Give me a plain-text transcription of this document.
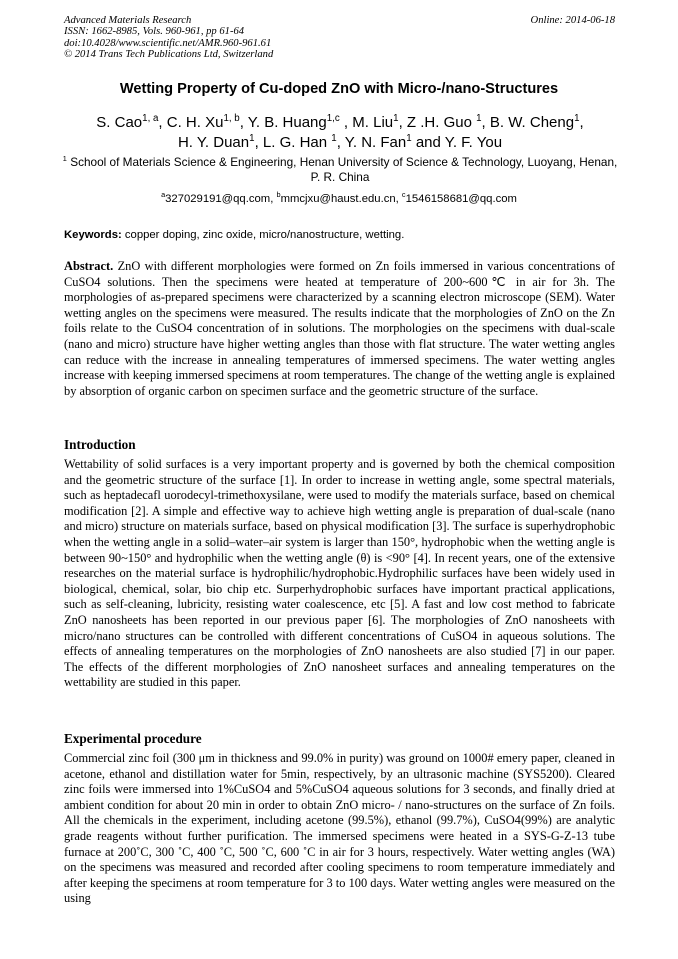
Advanced Materials Research
ISSN: 1662-8985, Vols. 960-961, pp 61-64
doi:10.4028/www.scientific.net/AMR.960-961.61
© 2014 Trans Tech Publications Ltd, Switzerland
Online: 2014-06-18
Wetting Property of Cu-doped ZnO with Micro-/nano-Structures
S. Cao$^{1, a}$, C. H. Xu$^{1, b}$, Y. B. Huang$^{1,c}$ , M. Liu$^1$, Z .H. Guo $^1$, B. W. Cheng$^1$,
H. Y. Duan$^1$, L. G. Han $^1$, Y. N. Fan$^1$ and Y. F. You
$^1$ School of Materials Science & Engineering, Henan University of Science & Technology, Luoyang, Henan, P. R. China
$^a$327029191@qq.com, $^b$mmcjxu@haust.edu.cn, $^c$1546158681@qq.com
Keywords: copper doping, zinc oxide, micro/nanostructure, wetting.

Abstract. ZnO with different morphologies were formed on Zn foils immersed in various concentrations of CuSO4 solutions. Then the specimens were heated at temperature of 200~600℃ in air for 3h. The morphologies of as-prepared specimens were characterized by a scanning electron microscope (SEM). Water wetting angles on the specimens were measured. The results indicate that the morphologies of ZnO on the Zn foils relate to the CuSO4 concentration of in solutions. The morphologies on the specimens with dual-scale (nano and micro) structure have higher wetting angles than those with flat structure. The water wetting angles can reduce with the increase in annealing temperatures of immersed specimens. The water wetting angles increase with keeping immersed specimens at room temperatures. The change of the wetting angle is explained by absorption of organic carbon on specimen surface and the geometric structure of the surface.

Introduction

Wettability of solid surfaces is a very important property and is governed by both the chemical composition and the geometric structure of the surface [1]. In order to increase in wetting angle, some spectral materials, such as heptadecafl uorodecyl-trimethoxysilane, were used to modify the materials surface, based on chemical modification [2]. A simple and effective way to achieve high wetting angle is preparation of dual-scale (nano and micro) structure on materials surface, based on physical modification [3]. The surface is superhydrophobic when the wetting angle in a solid–water–air system is larger than 150°, hydrophobic when the wetting angle is between 90~150° and hydrophilic when the wetting angle (θ) is <90° [4]. In recent years, one of the extensive researches on the material surface is hydrophilic/hydrophobic.Hydrophilic surfaces have been widely used in biological, chemical, solar, bio chip etc. Surperhydrophobic surfaces have important practical applications, such as self-cleaning, lubricity, resisting water coalescence, etc [5]. A fast and low cost method to fabricate ZnO nanosheets has been reported in our previous paper [6]. The morphologies of ZnO nanosheets with micro/nano structures can be controlled with different concentrations of CuSO4 in aqueous solutions. The effects of annealing temperatures on the morphologies of ZnO nanosheets are also studied [7] in our paper. The effects of the different morphologies of ZnO nanosheet surfaces and annealing temperatures on the wettability are studied in this paper.

Experimental procedure

Commercial zinc foil (300 μm in thickness and 99.0% in purity) was ground on 1000# emery paper, cleaned in acetone, ethanol and distillation water for 5min, respectively, by an ultrasonic machine (SYS5200). Cleared zinc foils were immersed into 1%CuSO4 and 5%CuSO4 aqueous solutions for 3 seconds, and finally dried at ambient condition for about 20 min in order to obtain ZnO micro- / nano-structures on the surface of Zn foils. All the chemicals in the experiment, including acetone (99.5%), ethanol (99.7%), CuSO4(99%) are analytic grade reagents without further purification. The immersed specimens were heated in a SYS-G-Z-13 tube furnace at 200˚C, 300 ˚C, 400 ˚C, 500 ˚C, 600 ˚C in air for 3 hours, respectively. Water wetting angles (WA) on the specimens was measured and recorded after cooling specimens to room temperature immediately and after keeping the specimens at room temperature for 3 to 100 days. Water wetting angles were measured on the using
